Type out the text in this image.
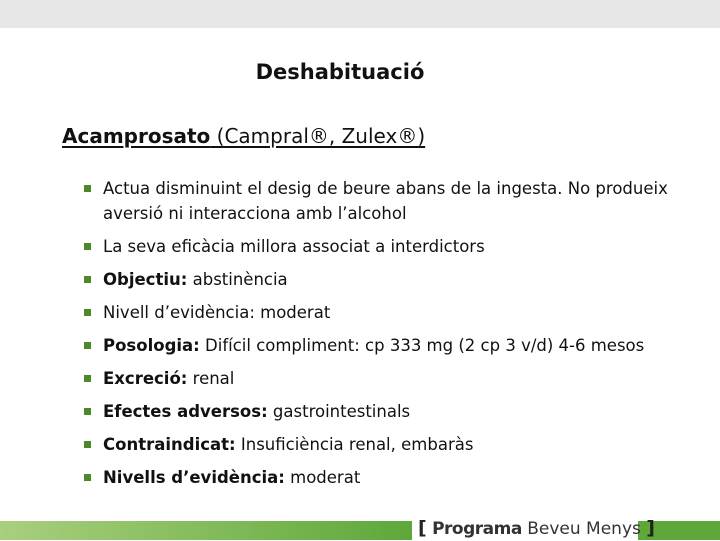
Deshabituació
Acamprosato (Campral®, Zulex®)
Actua disminuint el desig de beure abans de la ingesta. No produeix aversió ni interacciona amb l’alcohol
La seva eficàcia millora associat a interdictors
Objectiu: abstinència
Nivell d’evidència: moderat
Posologia: Difícil compliment: cp 333 mg (2 cp 3 v/d) 4-6 mesos
Excreció: renal
Efectes adversos: gastrointestinals
Contraindicat: Insuficiència renal, embaràs
Nivells d’evidència: moderat
[ Programa Beveu Menys ]
